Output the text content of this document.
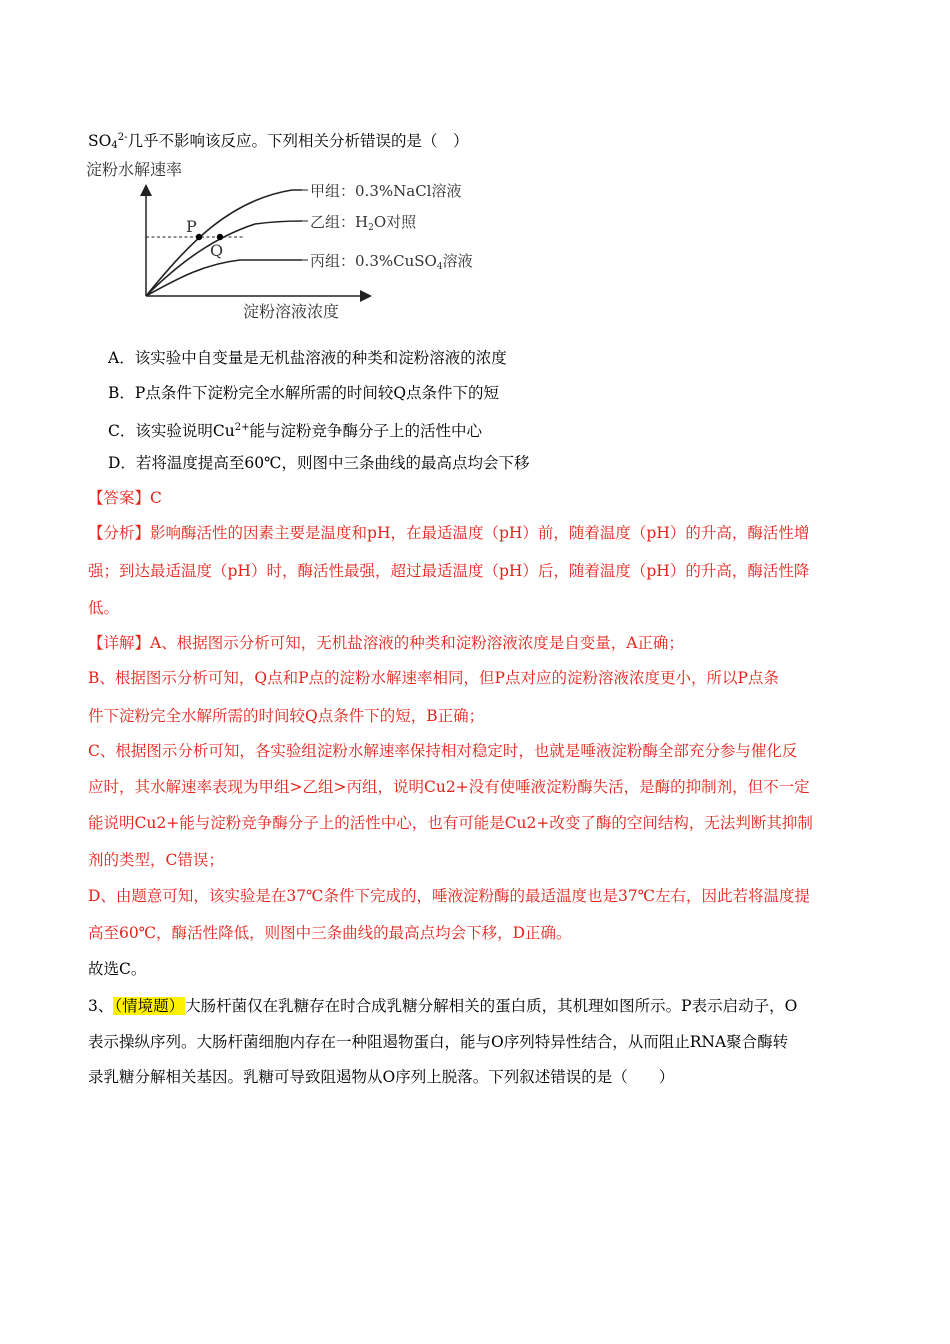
$SO_4^{2-}$几乎不影响该反应。下列相关分析错误的是（　）
淀粉水解速率
淀粉溶液浓度
P
Q
甲组：0.3%NaCl溶液
乙组：$H_2O$对照
丙组：0.3%CuSO$_4$溶液
A．该实验中自变量是无机盐溶液的种类和淀粉溶液的浓度
B．P点条件下淀粉完全水解所需的时间较Q点条件下的短
C．该实验说明$Cu^{2+}$能与淀粉竞争酶分子上的活性中心
D．若将温度提高至60℃，则图中三条曲线的最高点均会下移
【答案】C
【分析】影响酶活性的因素主要是温度和pH，在最适温度（pH）前，随着温度（pH）的升高，酶活性增
强；到达最适温度（pH）时，酶活性最强，超过最适温度（pH）后，随着温度（pH）的升高，酶活性降
低。
【详解】A、根据图示分析可知，无机盐溶液的种类和淀粉溶液浓度是自变量，A正确；
B、根据图示分析可知，Q点和P点的淀粉水解速率相同，但P点对应的淀粉溶液浓度更小，所以P点条
件下淀粉完全水解所需的时间较Q点条件下的短，B正确；
C、根据图示分析可知，各实验组淀粉水解速率保持相对稳定时，也就是唾液淀粉酶全部充分参与催化反
应时，其水解速率表现为甲组>乙组>丙组，说明Cu2+没有使唾液淀粉酶失活，是酶的抑制剂，但不一定
能说明Cu2+能与淀粉竞争酶分子上的活性中心，也有可能是Cu2+改变了酶的空间结构，无法判断其抑制
剂的类型，C错误；
D、由题意可知，该实验是在37℃条件下完成的，唾液淀粉酶的最适温度也是37℃左右，因此若将温度提
高至60℃，酶活性降低，则图中三条曲线的最高点均会下移，D正确。
故选C。
3、（情境题）大肠杆菌仅在乳糖存在时合成乳糖分解相关的蛋白质，其机理如图所示。P表示启动子，O
表示操纵序列。大肠杆菌细胞内存在一种阻遏物蛋白，能与O序列特异性结合，从而阻止RNA聚合酶转
录乳糖分解相关基因。乳糖可导致阻遏物从O序列上脱落。下列叙述错误的是（　　）
